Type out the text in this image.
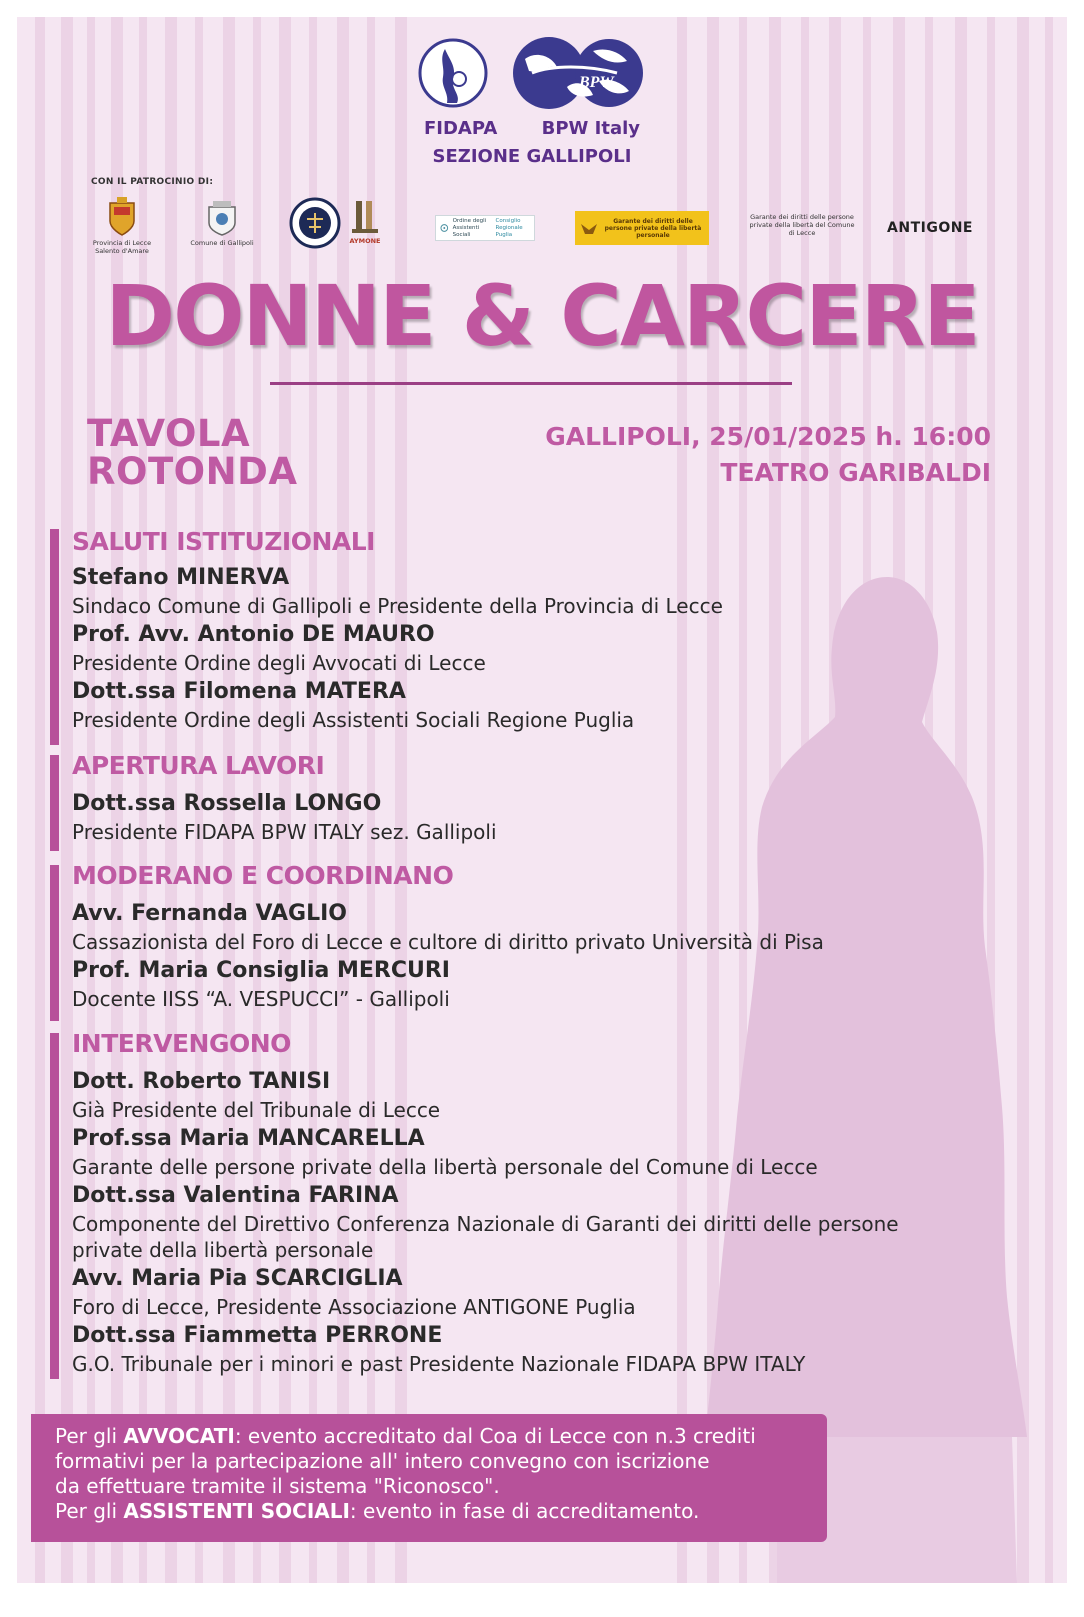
BPW
FIDAPA BPW Italy
SEZIONE GALLIPOLI
CON IL PATROCINIO DI:
Provincia di Lecce Salento d'Amare
Comune di Gallipoli	AYMONE
Ordine degli Assistenti Sociali
Consiglio Regionale Puglia
Garante dei diritti delle persone private della libertà personale
Garante dei diritti delle persone private della libertà del Comune di Lecce	ANTIGONE
DONNE & CARCERE
TAVOLA
ROTONDA
GALLIPOLI, 25/01/2025 h. 16:00
TEATRO GARIBALDI
SALUTI ISTITUZIONALI
Stefano MINERVA
Sindaco Comune di Gallipoli e Presidente della Provincia di Lecce
Prof. Avv. Antonio DE MAURO
Presidente Ordine degli Avvocati di Lecce
Dott.ssa Filomena MATERA
Presidente Ordine degli Assistenti Sociali Regione Puglia
APERTURA LAVORI
Dott.ssa Rossella LONGO
Presidente FIDAPA BPW ITALY sez. Gallipoli
MODERANO E COORDINANO
Avv. Fernanda VAGLIO
Cassazionista del Foro di Lecce e cultore di diritto privato Università di Pisa
Prof. Maria Consiglia MERCURI
Docente IISS “A. VESPUCCI” - Gallipoli
INTERVENGONO
Dott. Roberto TANISI
Già Presidente del Tribunale di Lecce
Prof.ssa Maria MANCARELLA
Garante delle persone private della libertà personale del Comune di Lecce
Dott.ssa Valentina FARINA
Componente del Direttivo Conferenza Nazionale di Garanti dei diritti delle persone
private della libertà personale
Avv. Maria Pia SCARCIGLIA
Foro di Lecce, Presidente Associazione ANTIGONE Puglia
Dott.ssa Fiammetta PERRONE
G.O. Tribunale per i minori e past Presidente Nazionale FIDAPA BPW ITALY
Per gli AVVOCATI: evento accreditato dal Coa di Lecce con n.3 crediti
formativi per la partecipazione all' intero convegno con iscrizione
da effettuare tramite il sistema "Riconosco".
Per gli ASSISTENTI SOCIALI: evento in fase di accreditamento.
